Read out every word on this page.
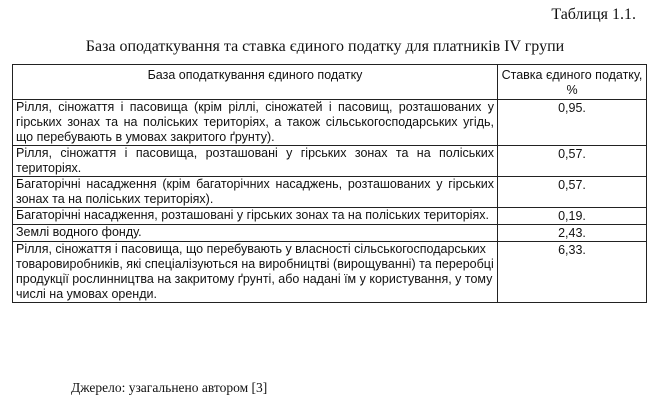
Таблиця 1.1.
База оподаткування та ставка єдиного податку для платників IV групи
База оподаткування єдиного податку	Ставка єдиного податку, %
Рілля, сіножаття і пасовища (крім ріллі, сіножатей і пасовищ, розташованих у гірських зонах та на поліських територіях, а також сільськогосподарських угідь, що перебувають в умовах закритого ґрунту).	0,95.
Рілля, сіножаття і пасовища, розташовані у гірських зонах та на поліських територіях.	0,57.
Багаторічні насадження (крім багаторічних насаджень, розташованих у гірських зонах та на поліських територіях).	0,57.
Багаторічні насадження, розташовані у гірських зонах та на поліських територіях.	0,19.
Землі водного фонду.	2,43.
Рілля, сіножаття і пасовища, що перебувають у власності сільськогосподарських товаровиробників, які спеціалізуються на виробництві (вирощуванні) та переробці продукції рослинництва на закритому ґрунті, або надані їм у користування, у тому числі на умовах оренди.	6,33.
Джерело: узагальнено автором [3]
